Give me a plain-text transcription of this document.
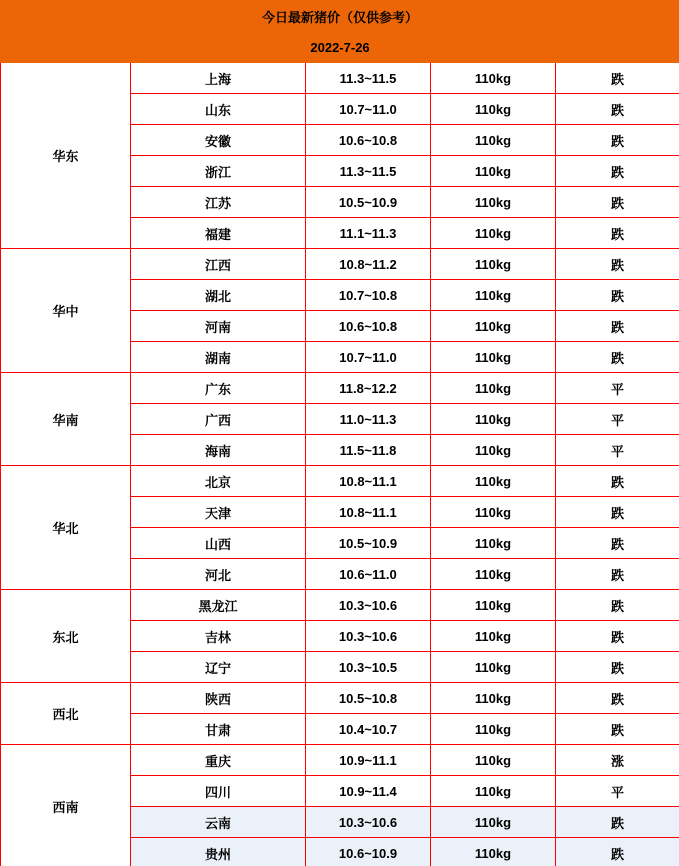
今日最新猪价（仅供参考）				
2022-7-26				
华东	上海	11.3~11.5	110kg	跌
	山东	10.7~11.0	110kg	跌
	安徽	10.6~10.8	110kg	跌
	浙江	11.3~11.5	110kg	跌
	江苏	10.5~10.9	110kg	跌
	福建	11.1~11.3	110kg	跌
华中	江西	10.8~11.2	110kg	跌
	湖北	10.7~10.8	110kg	跌
	河南	10.6~10.8	110kg	跌
	湖南	10.7~11.0	110kg	跌
华南	广东	11.8~12.2	110kg	平
	广西	11.0~11.3	110kg	平
	海南	11.5~11.8	110kg	平
华北	北京	10.8~11.1	110kg	跌
	天津	10.8~11.1	110kg	跌
	山西	10.5~10.9	110kg	跌
	河北	10.6~11.0	110kg	跌
东北	黑龙江	10.3~10.6	110kg	跌
	吉林	10.3~10.6	110kg	跌
	辽宁	10.3~10.5	110kg	跌
西北	陕西	10.5~10.8	110kg	跌
	甘肃	10.4~10.7	110kg	跌
西南	重庆	10.9~11.1	110kg	涨
	四川	10.9~11.4	110kg	平
	云南	10.3~10.6	110kg	跌
	贵州	10.6~10.9	110kg	跌
